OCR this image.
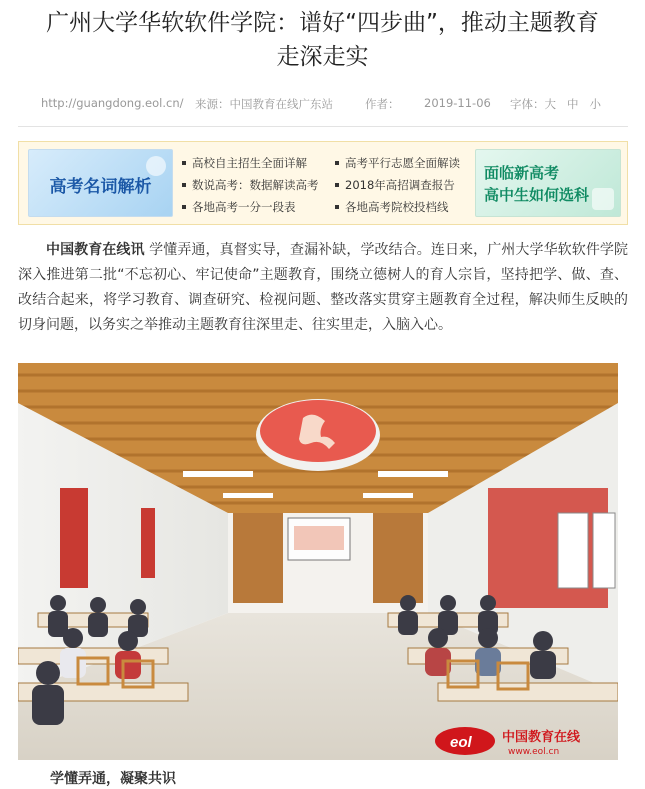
广州大学华软软件学院：谱好“四步曲”，推动主题教育
走深走实
http://guangdong.eol.cn/ 来源：中国教育在线广东站	作者： 2019-11-06 字体：大 中 小
高考名词解析
高校自主招生全面详解	高考平行志愿全面解读
数说高考：数据解读高考	2018年高招调查报告
各地高考一分一段表	各地高考院校投档线
面临新高考
高中生如何选科

中国教育在线讯 学懂弄通，真督实导，查漏补缺，学改结合。连日来，广州大学华软软件学院深入推进第二批“不忘初心、牢记使命”主题教育，围绕立德树人的育人宗旨，坚持把学、做、查、改结合起来，将学习教育、调查研究、检视问题、整改落实贯穿主题教育全过程，解决师生反映的切身问题，以务实之举推动主题教育往深里走、往实里走，入脑入心。

eol 中国教育在线
www.eol.cn
学懂弄通，凝聚共识
